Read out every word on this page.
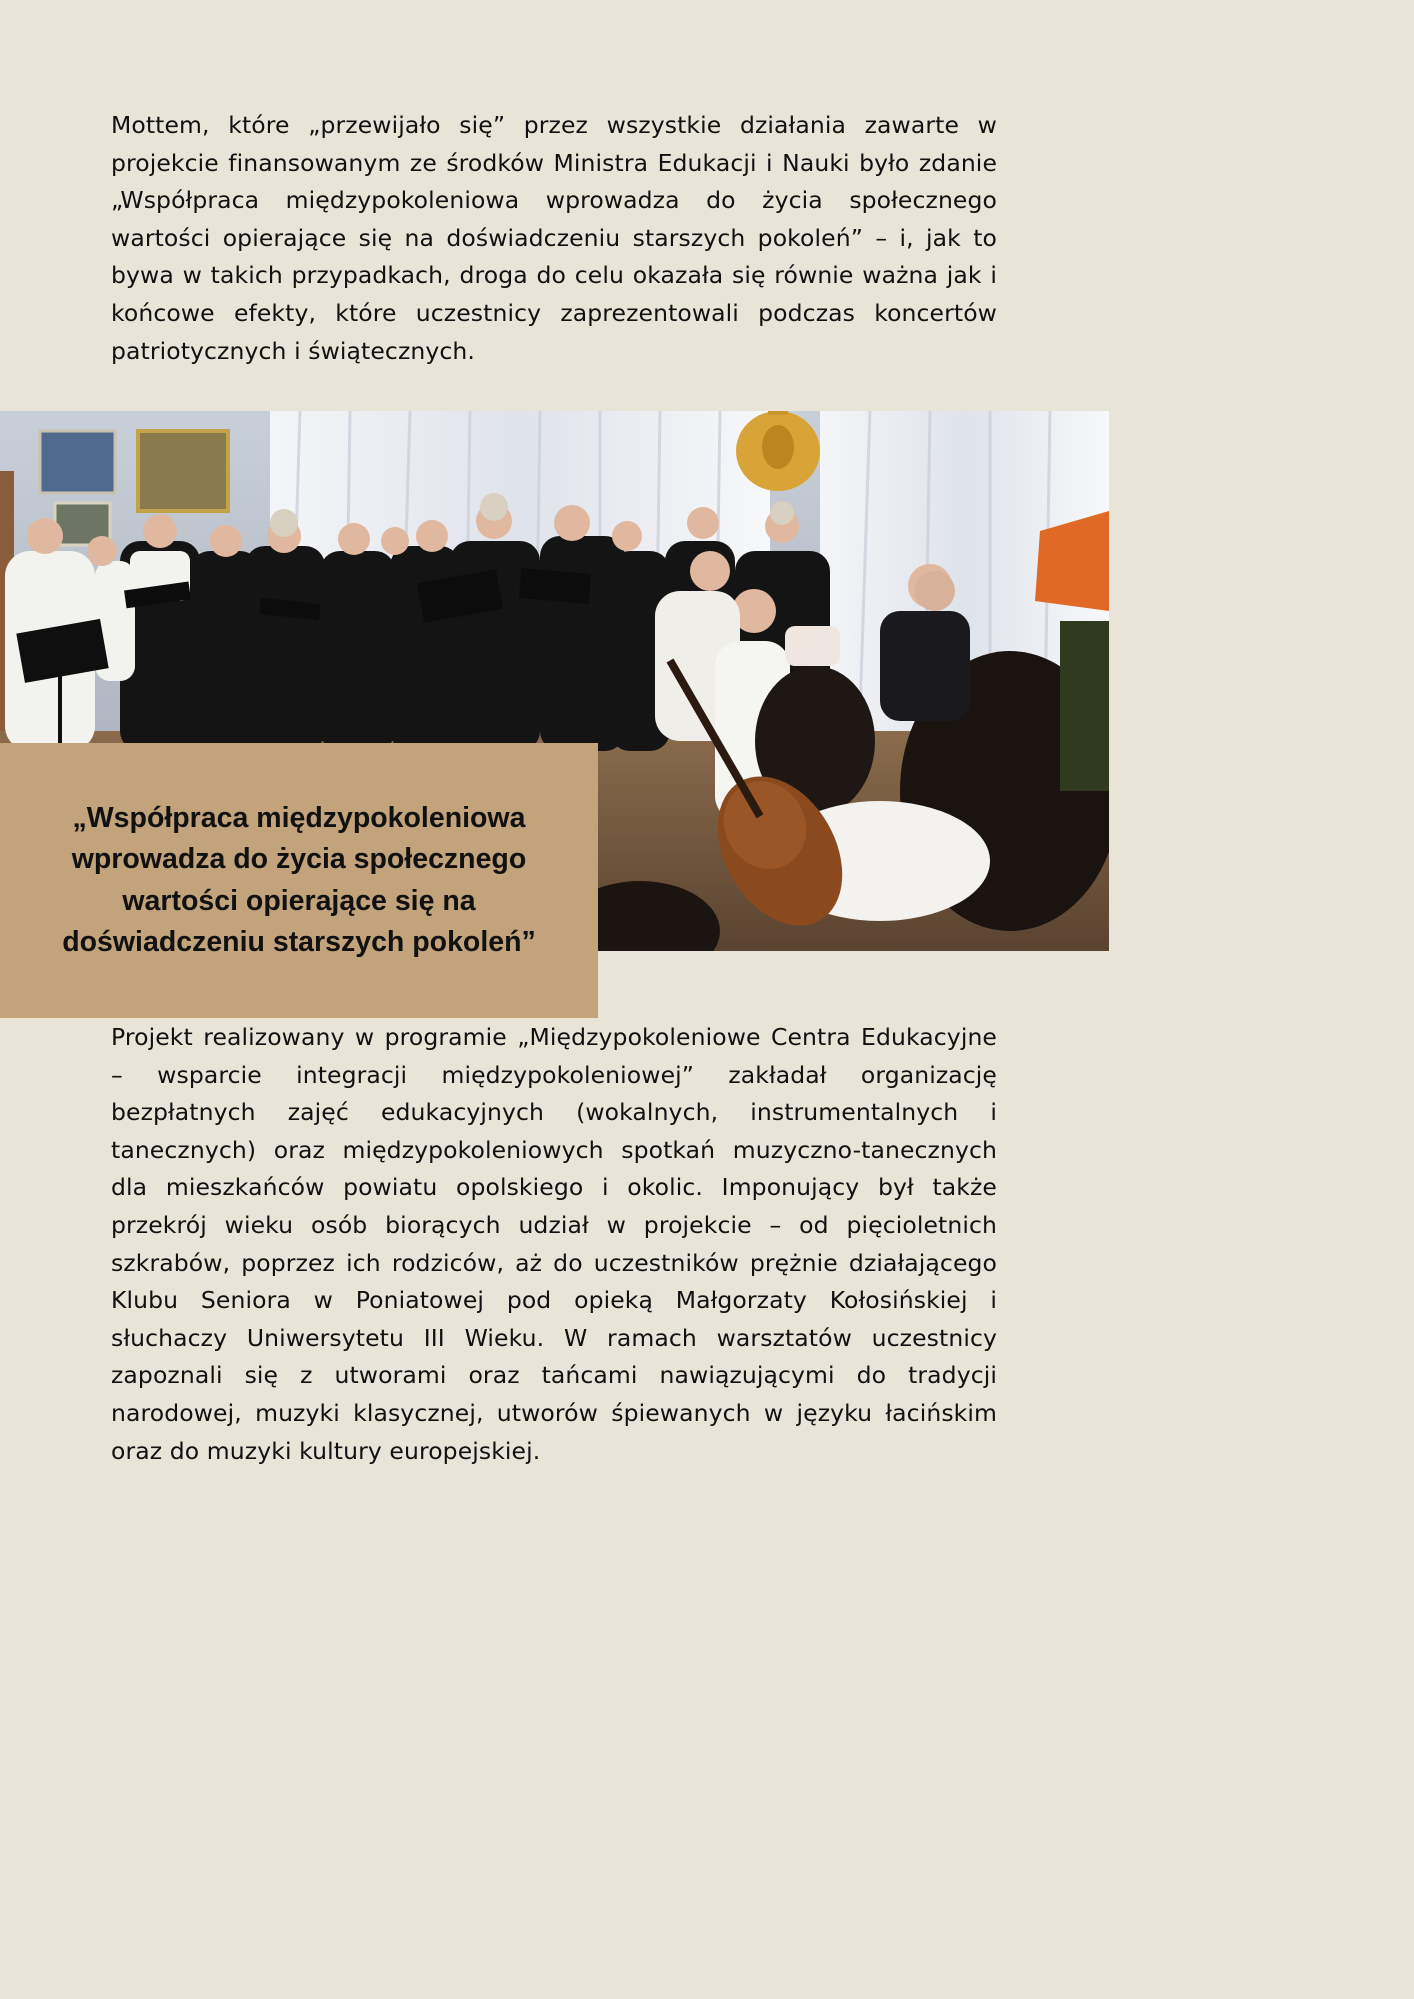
Mottem, które „przewijało się” przez wszystkie działania zawarte w projekcie finansowanym ze środków Ministra Edukacji i Nauki było zdanie „Współpraca międzypokoleniowa wprowadza do życia społecznego wartości opierające się na doświadczeniu starszych pokoleń” – i, jak to bywa w takich przypadkach, droga do celu okazała się równie ważna jak i końcowe efekty, które uczestnicy zaprezentowali podczas koncertów patriotycznych i świątecznych.

„Współpraca międzypokoleniowa wprowadza do życia społecznego wartości opierające się na doświadczeniu starszych pokoleń”

Projekt realizowany w programie „Międzypokoleniowe Centra Edukacyjne – wsparcie integracji międzypokoleniowej” zakładał organizację bezpłatnych zajęć edukacyjnych (wokalnych, instrumentalnych i tanecznych) oraz międzypokoleniowych spotkań muzyczno-tanecznych dla mieszkańców powiatu opolskiego i okolic. Imponujący był także przekrój wieku osób biorących udział w projekcie – od pięcioletnich szkrabów, poprzez ich rodziców, aż do uczestników prężnie działającego Klubu Seniora w Poniatowej pod opieką Małgorzaty Kołosińskiej i słuchaczy Uniwersytetu III Wieku. W ramach warsztatów uczestnicy zapoznali się z utworami oraz tańcami nawiązującymi do tradycji narodowej, muzyki klasycznej, utworów śpiewanych w języku łacińskim oraz do muzyki kultury europejskiej.
